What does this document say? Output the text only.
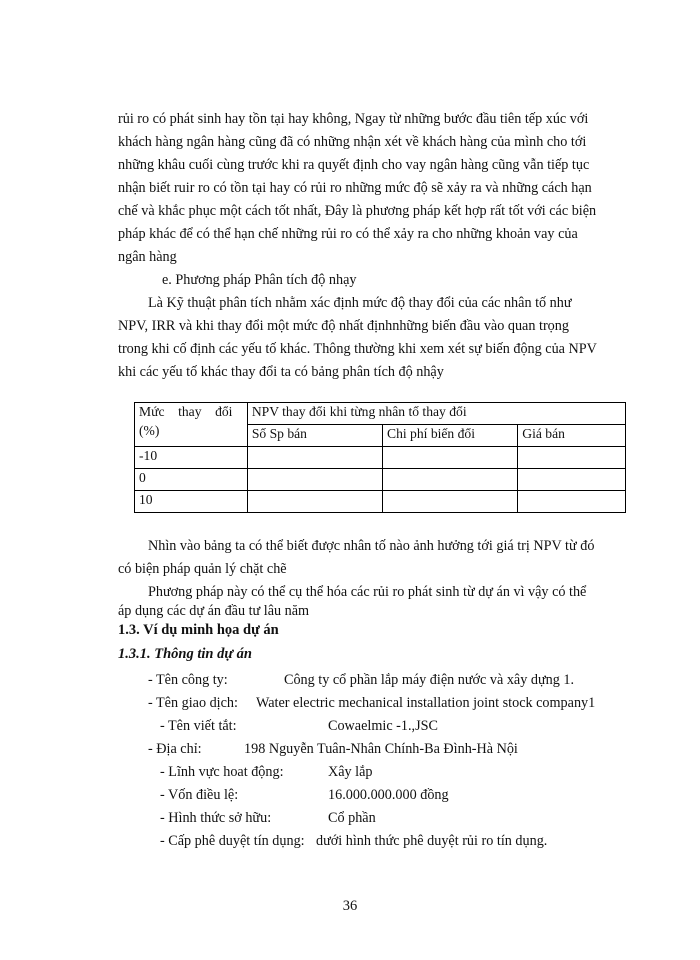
rủi ro có phát sinh hay tồn tại hay không, Ngay từ những bước đầu tiên tếp xúc với

khách hàng ngân hàng cũng đã có những nhận xét về khách hàng của mình cho tới

những khâu cuối cùng trước khi ra quyết định cho vay ngân hàng cũng vẫn tiếp tục

nhận biết ruir ro có tồn tại hay có rủi ro những mức độ sẽ xảy ra và những cách hạn

chế và khắc phục một cách tốt nhất, Đây là phương pháp kết hợp rất tốt với các biện

pháp khác để có thể hạn chế những rủi ro có thể xảy ra cho những khoản vay của

ngân hàng

e. Phương pháp Phân tích độ nhạy

Là Kỹ thuật phân tích nhằm xác định mức độ thay đổi của các nhân tố như

NPV, IRR và khi thay đổi một mức độ nhất địnhnhững biến đầu vào quan trọng

trong khi cố định các yếu tố khác. Thông thường khi xem xét sự biến động của NPV

khi các yếu tố khác thay đổi ta có bảng phân tích độ nhậy

Mức    thay    đổi
(%)	NPV thay đổi khi từng nhân tố thay đổi		
	Số Sp bán	Chi phí biến đổi	Giá bán
-10			
0			
10			

Nhìn vào bảng ta có thể biết được nhân tố nào ảnh hưởng tới giá trị NPV từ đó

có biện pháp quản lý chặt chẽ

Phương pháp này có thể cụ thể hóa các rủi ro phát sinh từ dự án vì vậy có thể

áp dụng các dự án đầu tư lâu năm

1.3. Ví dụ minh họa dự án

1.3.1. Thông tin dự án

- Tên công ty:	Công ty cổ phần lắp máy điện nước và xây dựng 1.
- Tên giao dịch: Water electric mechanical installation joint stock company1
- Tên viết tắt:	Cowaelmic -1.,JSC
- Địa chỉ:	198 Nguyễn Tuân-Nhân Chính-Ba Đình-Hà Nội
- Lĩnh vực hoat động:	Xây lắp
- Vốn điều lệ:	16.000.000.000 đồng
- Hình thức sở hữu:	Cổ phần
- Cấp phê duyệt tín dụng: dưới hình thức phê duyệt rủi ro tín dụng.

36
